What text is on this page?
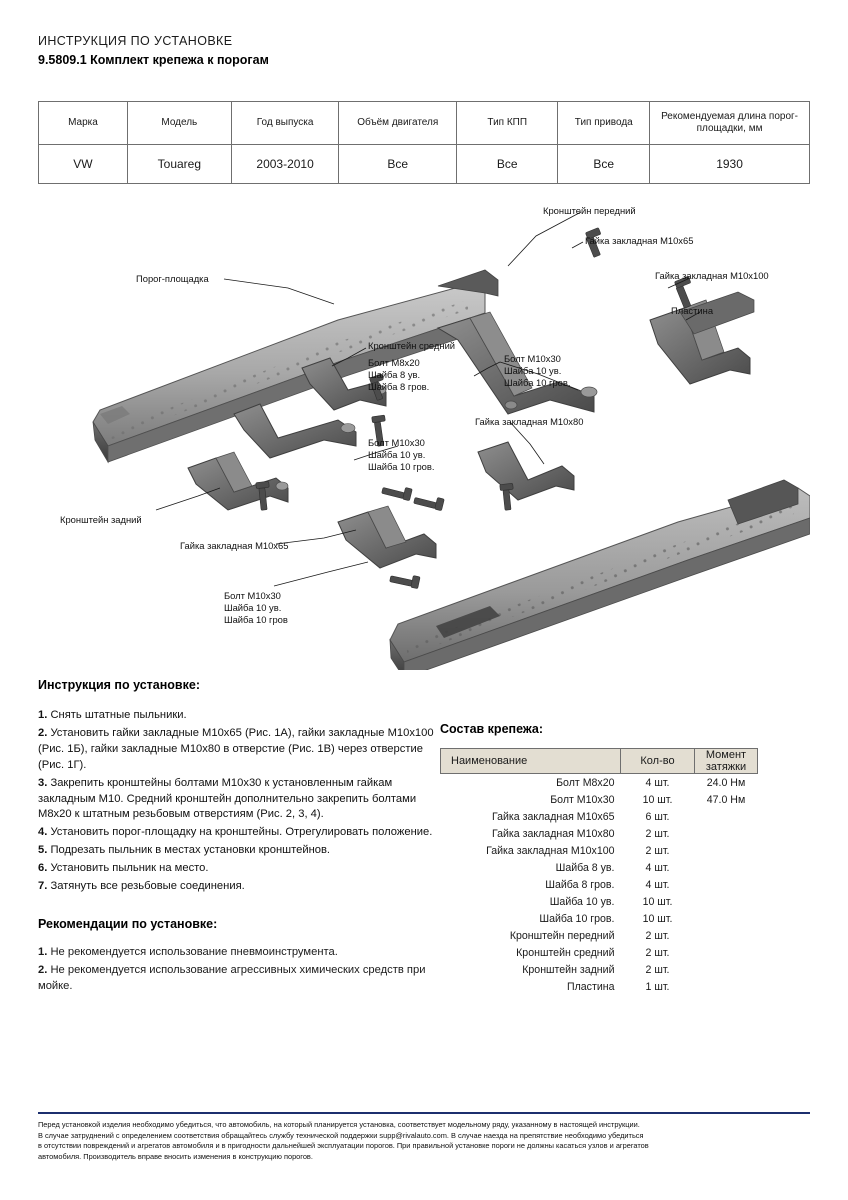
ИНСТРУКЦИЯ ПО УСТАНОВКЕ
9.5809.1 Комплект крепежа к порогам
Марка	Модель	Год выпуска	Объём двигателя	Тип КПП	Тип привода	Рекомендуемая длина порог-площадки, мм
VW	Touareg	2003-2010	Все	Все	Все	1930
Кронштейн передний
Гайка закладная М10х65
Гайка закладная М10х100
Пластина
Порог-площадка
Кронштейн средний
Болт М8х20
Шайба 8 ув.
Шайба 8 гров.
Болт М10х30
Шайба 10 ув.
Шайба 10 гров.
Гайка закладная М10х80
Болт М10х30
Шайба 10 ув.
Шайба 10 гров.
Кронштейн задний
Гайка закладная М10х65
Болт М10х30
Шайба 10 ув.
Шайба 10 гров
Инструкция по установке:

1. Снять штатные пыльники.

2. Установить гайки закладные М10х65 (Рис. 1А), гайки закладные М10х100 (Рис. 1Б), гайки закладные М10х80 в отверстие (Рис. 1В) через отверстие (Рис. 1Г).

3. Закрепить кронштейны болтами М10х30 к установленным гайкам закладным М10. Средний кронштейн дополнительно закрепить болтами М8х20 к штатным резьбовым отверстиям (Рис. 2, 3, 4).

4. Установить порог-площадку на кронштейны. Отрегулировать положение.

5. Подрезать пыльник в местах установки кронштейнов.

6. Установить пыльник на место.

7. Затянуть все резьбовые соединения.

Рекомендации по установке:

1. Не рекомендуется использование пневмоинструмента.

2. Не рекомендуется использование агрессивных химических средств при мойке.

Состав крепежа:
Наименование	Кол-во	Момент затяжки
Болт М8х20	4 шт.	24.0 Нм
Болт М10х30	10 шт.	47.0 Нм
Гайка закладная М10х65	6 шт.	
Гайка закладная М10х80	2 шт.	
Гайка закладная М10х100	2 шт.	
Шайба 8 ув.	4 шт.	
Шайба 8 гров.	4 шт.	
Шайба 10 ув.	10 шт.	
Шайба 10 гров.	10 шт.	
Кронштейн передний	2 шт.	
Кронштейн средний	2 шт.	
Кронштейн задний	2 шт.	
Пластина	1 шт.	
Перед установкой изделия необходимо убедиться, что автомобиль, на который планируется установка, соответствует модельному ряду, указанному в настоящей инструкции.
В случае затруднений с определением соответствия обращайтесь службу технической поддержки supp@rivalauto.com. В случае наезда на препятствие необходимо убедиться
в отсутствии повреждений и агрегатов автомобиля и в пригодности дальнейшей эксплуатации порогов. При правильной установке пороги не должны касаться узлов и агрегатов
автомобиля. Производитель вправе вносить изменения в конструкцию порогов.
